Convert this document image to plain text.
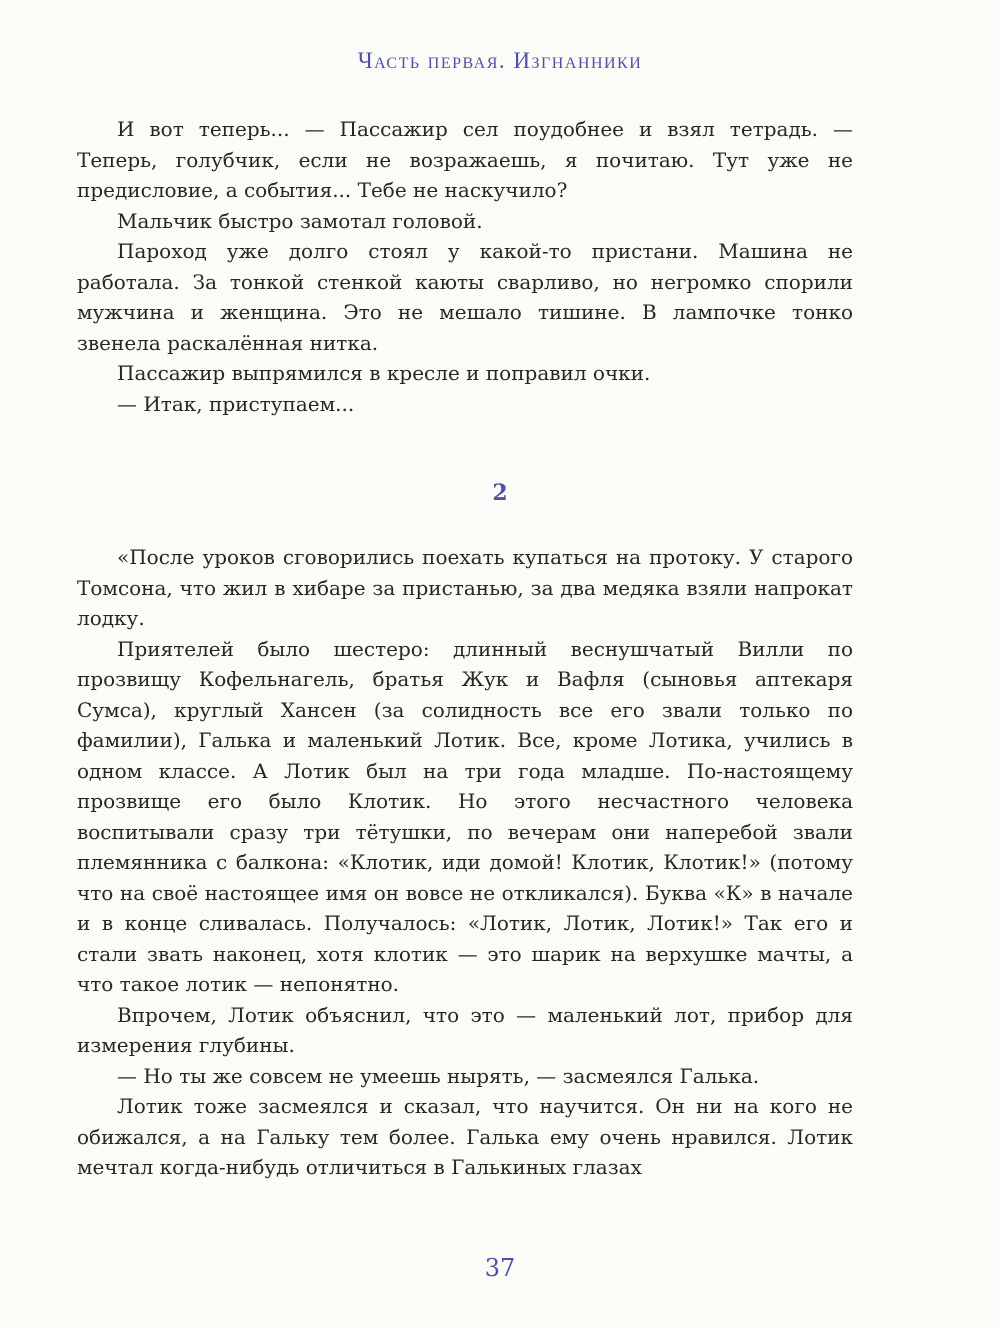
Часть первая. Изгнанники

И вот теперь... — Пассажир сел поудобнее и взял тетрадь. — Теперь, голубчик, если не возражаешь, я почитаю. Тут уже не предисловие, а события... Тебе не наскучило?

Мальчик быстро замотал головой.

Пароход уже долго стоял у какой-то пристани. Машина не работала. За тонкой стенкой каюты сварливо, но негромко спорили мужчина и женщина. Это не мешало тишине. В лампочке тонко звенела раскалённая нитка.

Пассажир выпрямился в кресле и поправил очки.

— Итак, приступаем...

2

«После уроков сговорились поехать купаться на протоку. У старого Томсона, что жил в хибаре за пристанью, за два медяка взяли напрокат лодку.

Приятелей было шестеро: длинный веснушчатый Вилли по прозвищу Кофельнагель, братья Жук и Вафля (сыновья аптекаря Сумса), круглый Хансен (за солидность все его звали только по фамилии), Галька и маленький Лотик. Все, кроме Лотика, учились в одном классе. А Лотик был на три года младше. По-настоящему прозвище его было Клотик. Но этого несчастного человека воспитывали сразу три тётушки, по вечерам они наперебой звали племянника с балкона: «Клотик, иди домой! Клотик, Клотик!» (потому что на своё настоящее имя он вовсе не откликался). Буква «К» в начале и в конце сливалась. Получалось: «Лотик, Лотик, Лотик!» Так его и стали звать наконец, хотя клотик — это шарик на верхушке мачты, а что такое лотик — непонятно.

Впрочем, Лотик объяснил, что это — маленький лот, прибор для измерения глубины.

— Но ты же совсем не умеешь нырять, — засмеялся Галька.

Лотик тоже засмеялся и сказал, что научится. Он ни на кого не обижался, а на Гальку тем более. Галька ему очень нравился. Лотик мечтал когда-нибудь отличиться в Галькиных глазах

37
